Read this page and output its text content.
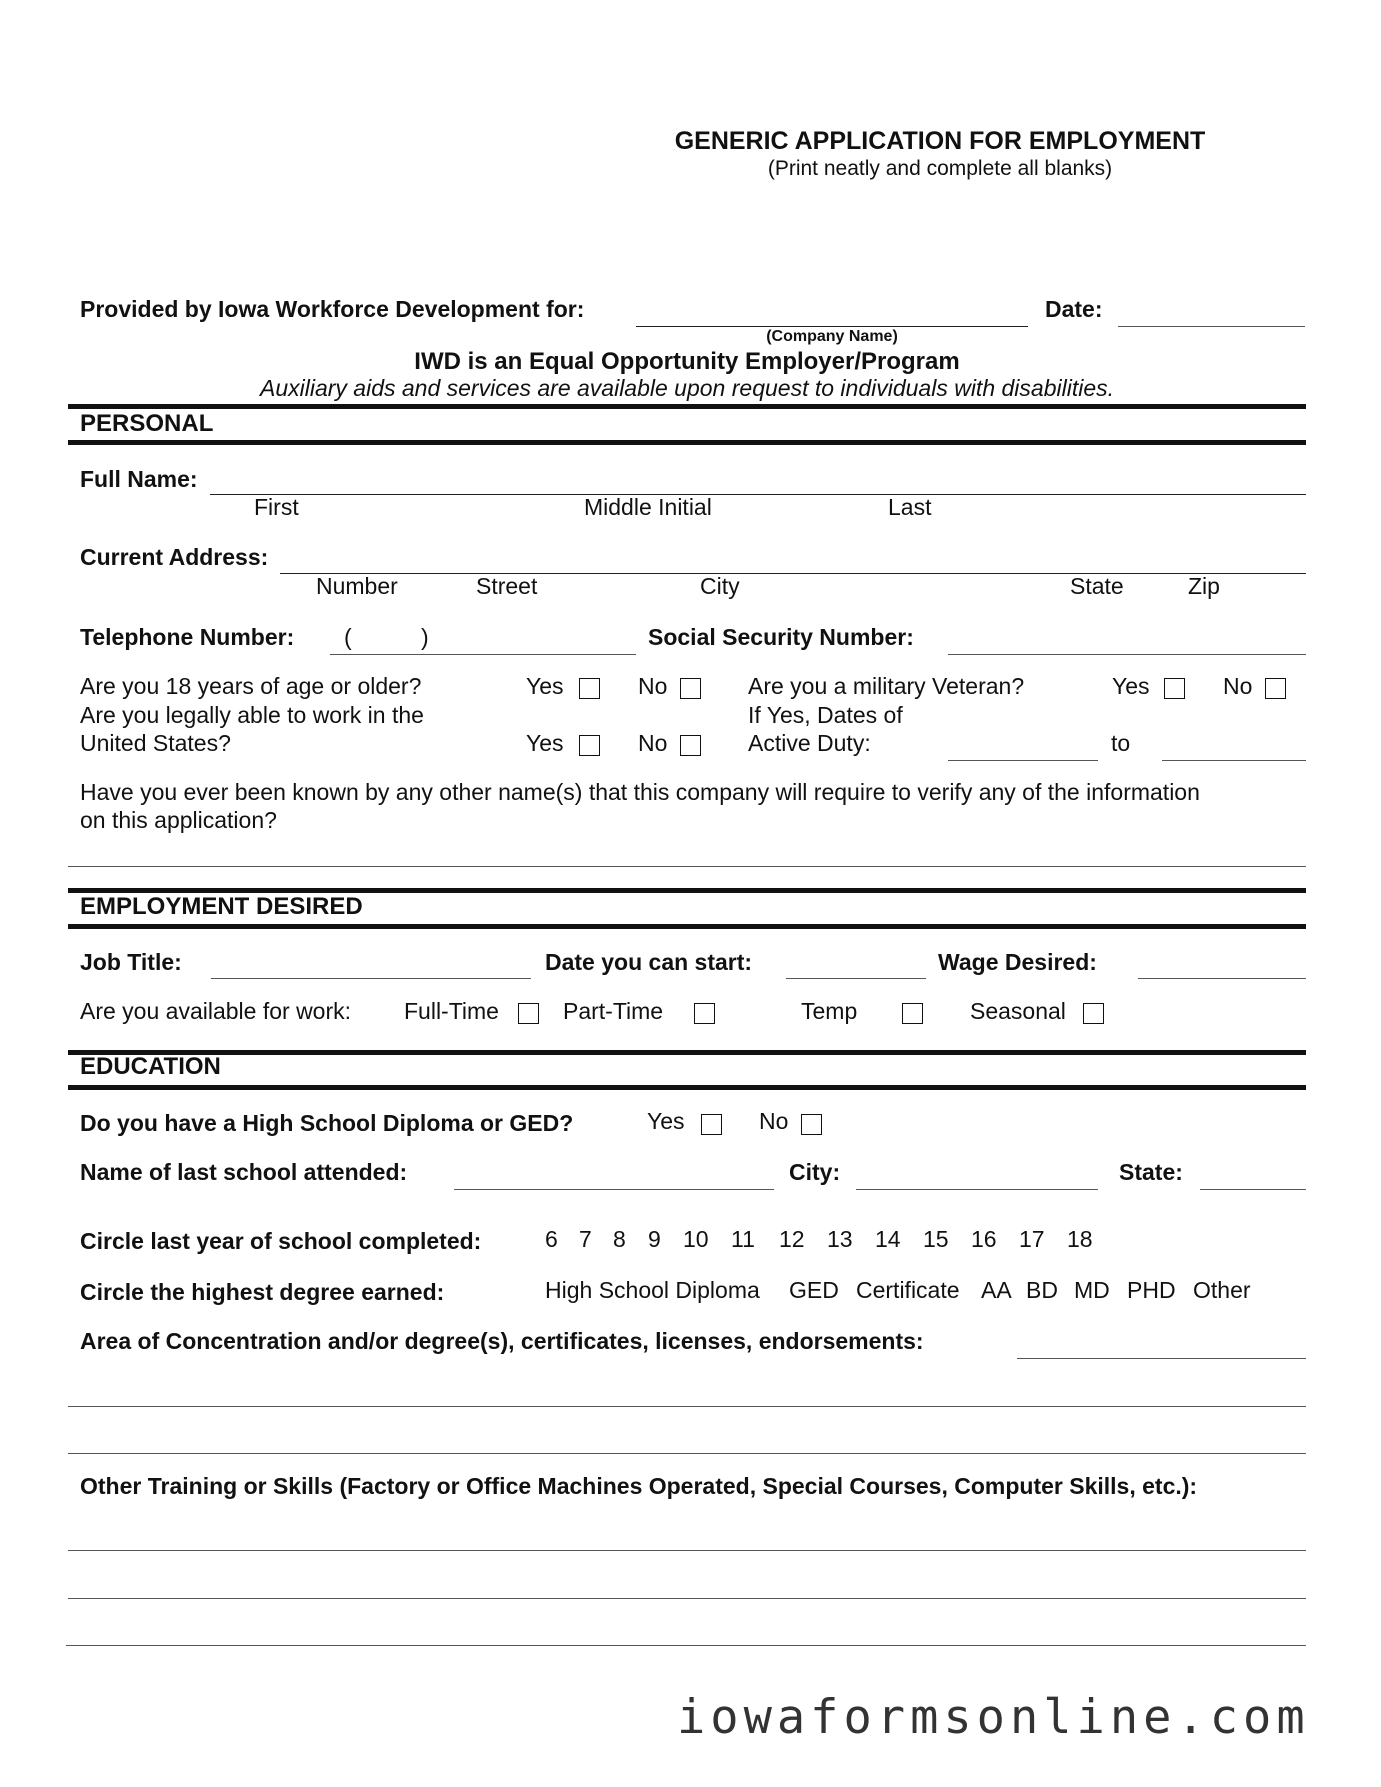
GENERIC APPLICATION FOR EMPLOYMENT
(Print neatly and complete all blanks)
Provided by Iowa Workforce Development for:
(Company Name)
Date:
IWD is an Equal Opportunity Employer/Program
Auxiliary aids and services are available upon request to individuals with disabilities.
PERSONAL
Full Name:
First	Middle Initial	Last
Current Address:
Number	Street	City	State	Zip
Telephone Number: (	)	Social Security Number:
Are you 18 years of age or older?	Yes	No	Are you a military Veteran?	Yes	No
Are you legally able to work in the
United States?	Yes	No
If Yes, Dates of
Active Duty:	to
Have you ever been known by any other name(s) that this company will require to verify any of the information
on this application?
EMPLOYMENT DESIRED
Job Title:	Date you can start:	Wage Desired:
Are you available for work: Full-Time	Part-Time	Temp	Seasonal
EDUCATION
Do you have a High School Diploma or GED?	Yes	No
Name of last school attended:	City:	State:
Circle last year of school completed:	6 7 8 9 10 11 12 13 14 15 16 17 18
Circle the highest degree earned:	High School Diploma GED Certificate AA BD MD PHD Other
Area of Concentration and/or degree(s), certificates, licenses, endorsements:
Other Training or Skills (Factory or Office Machines Operated, Special Courses, Computer Skills, etc.):
iowaformsonline.com
